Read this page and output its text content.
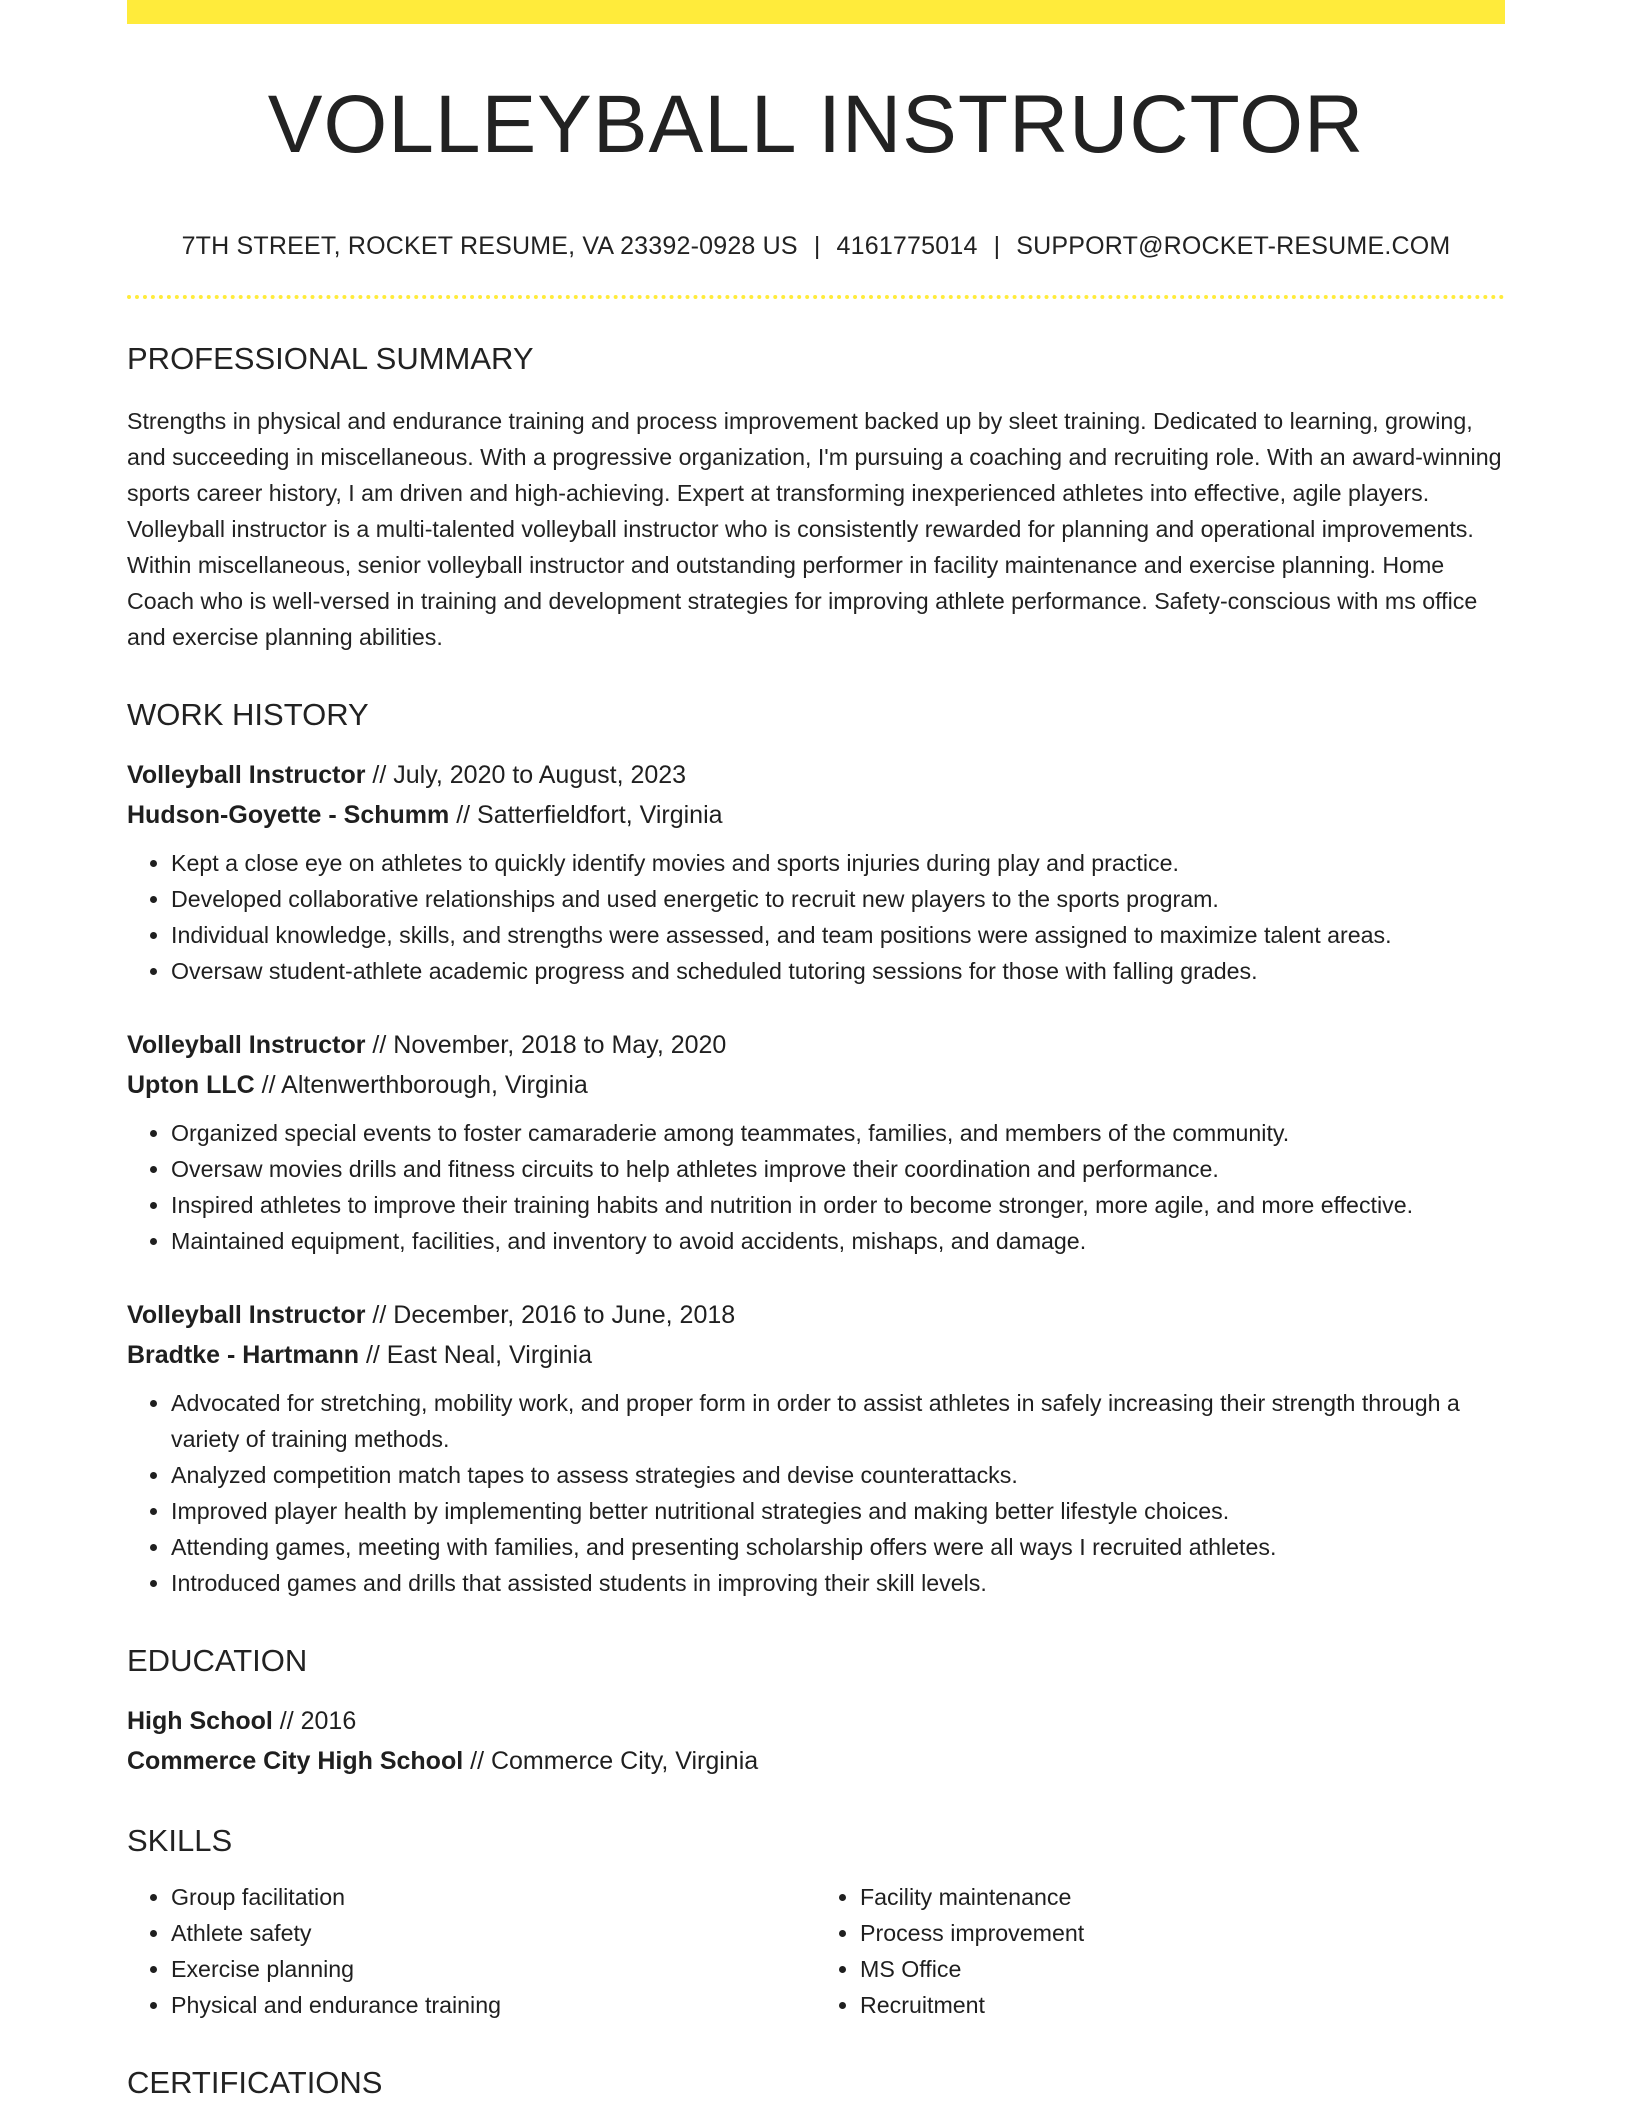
VOLLEYBALL INSTRUCTOR
7TH STREET, ROCKET RESUME, VA 23392-0928 US | 4161775014 | SUPPORT@ROCKET-RESUME.COM
PROFESSIONAL SUMMARY
Strengths in physical and endurance training and process improvement backed up by sleet training. Dedicated to learning, growing, and succeeding in miscellaneous. With a progressive organization, I'm pursuing a coaching and recruiting role. With an award-winning sports career history, I am driven and high-achieving. Expert at transforming inexperienced athletes into effective, agile players. Volleyball instructor is a multi-talented volleyball instructor who is consistently rewarded for planning and operational improvements. Within miscellaneous, senior volleyball instructor and outstanding performer in facility maintenance and exercise planning. Home Coach who is well-versed in training and development strategies for improving athlete performance. Safety-conscious with ms office and exercise planning abilities.
WORK HISTORY
Volleyball Instructor // July, 2020 to August, 2023
Hudson-Goyette - Schumm // Satterfieldfort, Virginia
• Kept a close eye on athletes to quickly identify movies and sports injuries during play and practice.
• Developed collaborative relationships and used energetic to recruit new players to the sports program.
• Individual knowledge, skills, and strengths were assessed, and team positions were assigned to maximize talent areas.
• Oversaw student-athlete academic progress and scheduled tutoring sessions for those with falling grades.
Volleyball Instructor // November, 2018 to May, 2020
Upton LLC // Altenwerthborough, Virginia
• Organized special events to foster camaraderie among teammates, families, and members of the community.
• Oversaw movies drills and fitness circuits to help athletes improve their coordination and performance.
• Inspired athletes to improve their training habits and nutrition in order to become stronger, more agile, and more effective.
• Maintained equipment, facilities, and inventory to avoid accidents, mishaps, and damage.
Volleyball Instructor // December, 2016 to June, 2018
Bradtke - Hartmann // East Neal, Virginia
• Advocated for stretching, mobility work, and proper form in order to assist athletes in safely increasing their strength through a variety of training methods.
• Analyzed competition match tapes to assess strategies and devise counterattacks.
• Improved player health by implementing better nutritional strategies and making better lifestyle choices.
• Attending games, meeting with families, and presenting scholarship offers were all ways I recruited athletes.
• Introduced games and drills that assisted students in improving their skill levels.
EDUCATION
High School // 2016
Commerce City High School // Commerce City, Virginia
SKILLS
• Group facilitation
• Athlete safety
• Exercise planning
• Physical and endurance training
• Facility maintenance
• Process improvement
• MS Office
• Recruitment
CERTIFICATIONS
